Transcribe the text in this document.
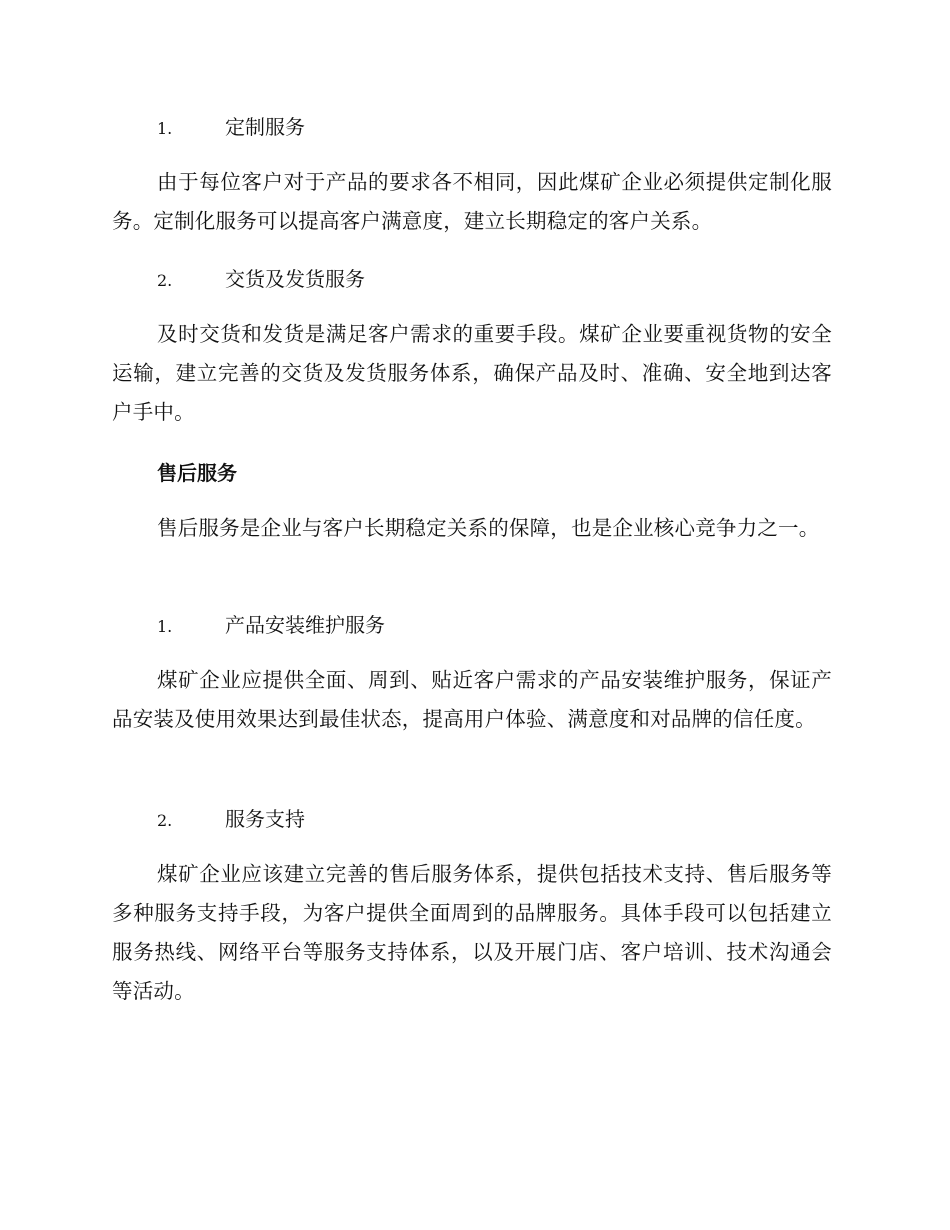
1.	定制服务
由于每位客户对于产品的要求各不相同，因此煤矿企业必须提供定制化服务。定制化服务可以提高客户满意度，建立长期稳定的客户关系。
2.	交货及发货服务
及时交货和发货是满足客户需求的重要手段。煤矿企业要重视货物的安全运输，建立完善的交货及发货服务体系，确保产品及时、准确、安全地到达客户手中。
售后服务
售后服务是企业与客户长期稳定关系的保障，也是企业核心竞争力之一。
1.	产品安装维护服务
煤矿企业应提供全面、周到、贴近客户需求的产品安装维护服务，保证产品安装及使用效果达到最佳状态，提高用户体验、满意度和对品牌的信任度。
2.	服务支持
煤矿企业应该建立完善的售后服务体系，提供包括技术支持、售后服务等多种服务支持手段，为客户提供全面周到的品牌服务。具体手段可以包括建立服务热线、网络平台等服务支持体系，以及开展门店、客户培训、技术沟通会等活动。
